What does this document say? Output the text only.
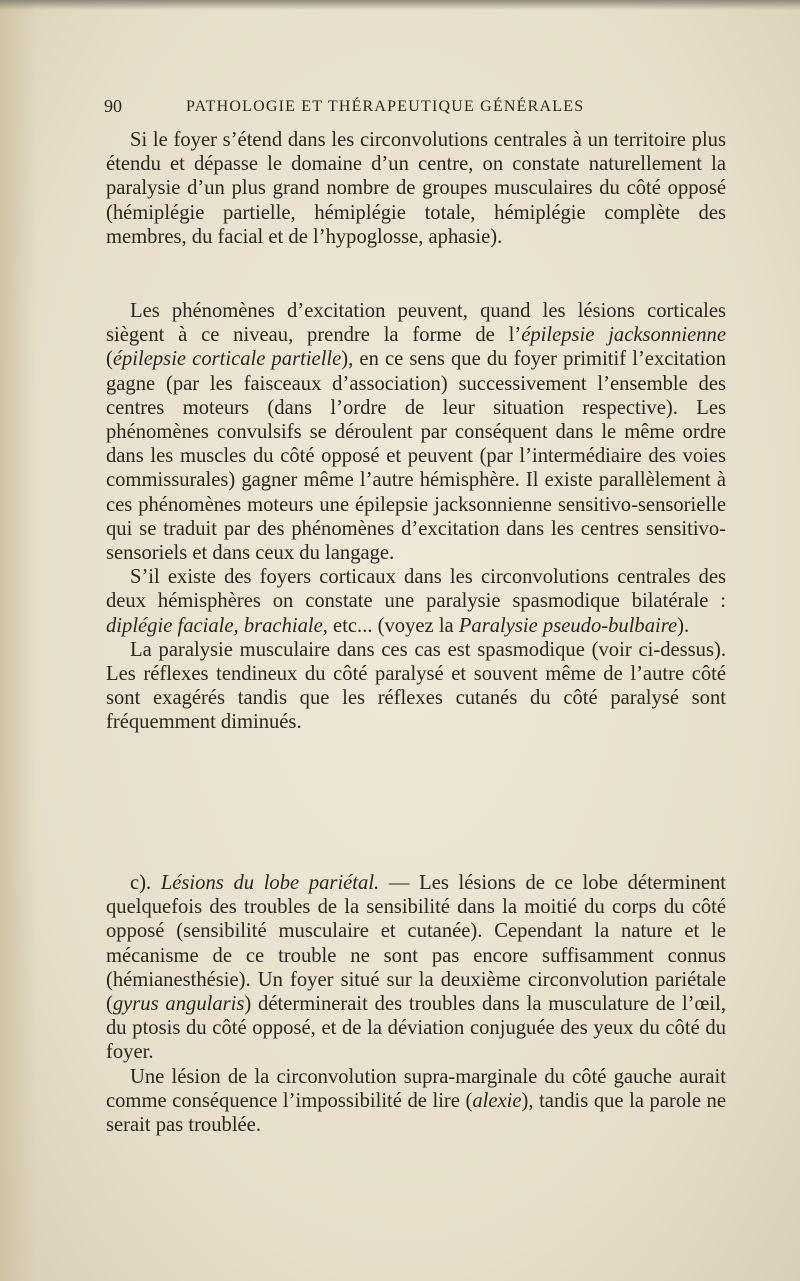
90	PATHOLOGIE ET THÉRAPEUTIQUE GÉNÉRALES

Si le foyer s’étend dans les circonvolutions centrales à un territoire plus étendu et dépasse le domaine d’un centre, on constate naturellement la paralysie d’un plus grand nombre de groupes musculaires du côté opposé (hémiplégie partielle, hémiplégie totale, hémiplégie complète des membres, du facial et de l’hypoglosse, aphasie).

Les phénomènes d’excitation peuvent, quand les lésions corticales siègent à ce niveau, prendre la forme de l’épilepsie jacksonnienne (épilepsie corticale partielle), en ce sens que du foyer primitif l’excitation gagne (par les faisceaux d’association) successivement l’ensemble des centres moteurs (dans l’ordre de leur situation respective). Les phénomènes convulsifs se déroulent par conséquent dans le même ordre dans les muscles du côté opposé et peuvent (par l’intermédiaire des voies commissurales) gagner même l’autre hémisphère. Il existe parallèlement à ces phénomènes moteurs une épilepsie jacksonnienne sensitivo-sensorielle qui se traduit par des phénomènes d’excitation dans les centres sensitivo-sensoriels et dans ceux du langage.

S’il existe des foyers corticaux dans les circonvolutions centrales des deux hémisphères on constate une paralysie spasmodique bilatérale : diplégie faciale, brachiale, etc... (voyez la Paralysie pseudo-bulbaire).

La paralysie musculaire dans ces cas est spasmodique (voir ci-dessus). Les réflexes tendineux du côté paralysé et souvent même de l’autre côté sont exagérés tandis que les réflexes cutanés du côté paralysé sont fréquemment diminués.

c). Lésions du lobe pariétal. — Les lésions de ce lobe déterminent quelquefois des troubles de la sensibilité dans la moitié du corps du côté opposé (sensibilité musculaire et cutanée). Cependant la nature et le mécanisme de ce trouble ne sont pas encore suffisamment connus (hémianesthésie). Un foyer situé sur la deuxième circonvolution pariétale (gyrus angularis) déterminerait des troubles dans la musculature de l’œil, du ptosis du côté opposé, et de la déviation conjuguée des yeux du côté du foyer.

Une lésion de la circonvolution supra-marginale du côté gauche aurait comme conséquence l’impossibilité de lire (alexie), tandis que la parole ne serait pas troublée.
